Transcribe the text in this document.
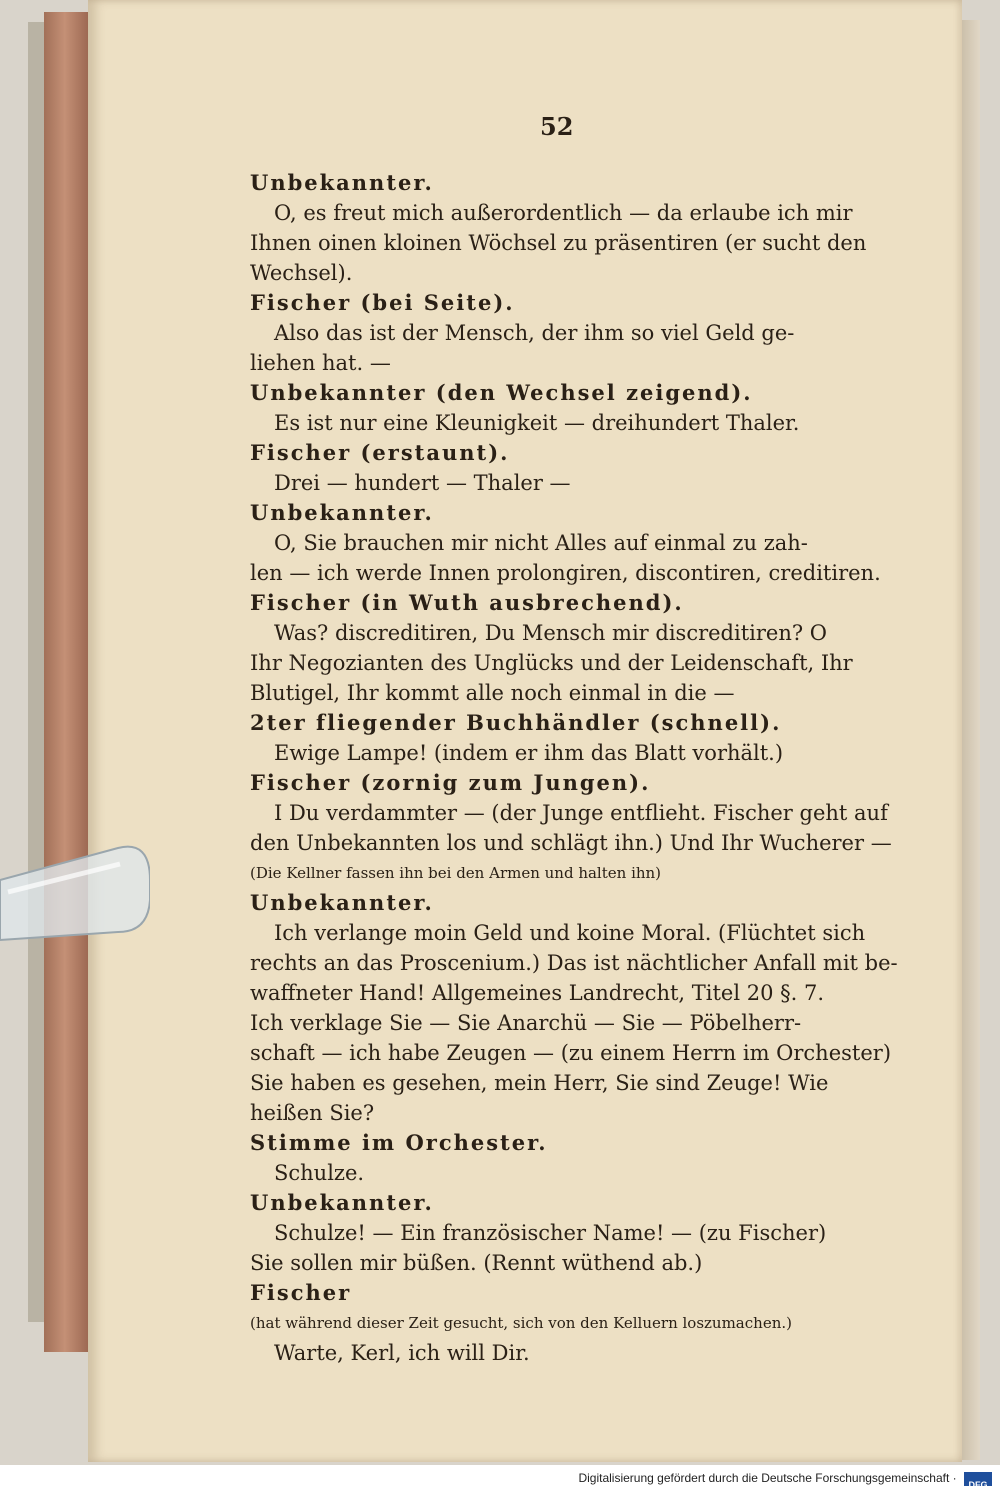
52
Unbekannter.
O, es freut mich außerordentlich — da erlaube ich mir
Ihnen oinen kloinen Wöchsel zu präsentiren (er sucht den
Wechsel).
Fischer (bei Seite).
Also das ist der Mensch, der ihm so viel Geld ge-
liehen hat. —
Unbekannter (den Wechsel zeigend).
Es ist nur eine Kleunigkeit — dreihundert Thaler.
Fischer (erstaunt).
Drei — hundert — Thaler —
Unbekannter.
O, Sie brauchen mir nicht Alles auf einmal zu zah-
len — ich werde Innen prolongiren, discontiren, creditiren.
Fischer (in Wuth ausbrechend).
Was? discreditiren, Du Mensch mir discreditiren? O
Ihr Negozianten des Unglücks und der Leidenschaft, Ihr
Blutigel, Ihr kommt alle noch einmal in die —
2ter fliegender Buchhändler (schnell).
Ewige Lampe! (indem er ihm das Blatt vorhält.)
Fischer (zornig zum Jungen).
I Du verdammter — (der Junge entflieht. Fischer geht auf
den Unbekannten los und schlägt ihn.) Und Ihr Wucherer —
(Die Kellner fassen ihn bei den Armen und halten ihn)
Unbekannter.
Ich verlange moin Geld und koine Moral. (Flüchtet sich
rechts an das Proscenium.) Das ist nächtlicher Anfall mit be-
waffneter Hand! Allgemeines Landrecht, Titel 20 §. 7.
Ich verklage Sie — Sie Anarchü — Sie — Pöbelherr-
schaft — ich habe Zeugen — (zu einem Herrn im Orchester)
Sie haben es gesehen, mein Herr, Sie sind Zeuge! Wie
heißen Sie?
Stimme im Orchester.
Schulze.
Unbekannter.
Schulze! — Ein französischer Name! — (zu Fischer)
Sie sollen mir büßen. (Rennt wüthend ab.)
Fischer
(hat während dieser Zeit gesucht, sich von den Kelluern loszumachen.)
Warte, Kerl, ich will Dir.
Digitalisierung gefördert durch die Deutsche Forschungsgemeinschaft · DFG
